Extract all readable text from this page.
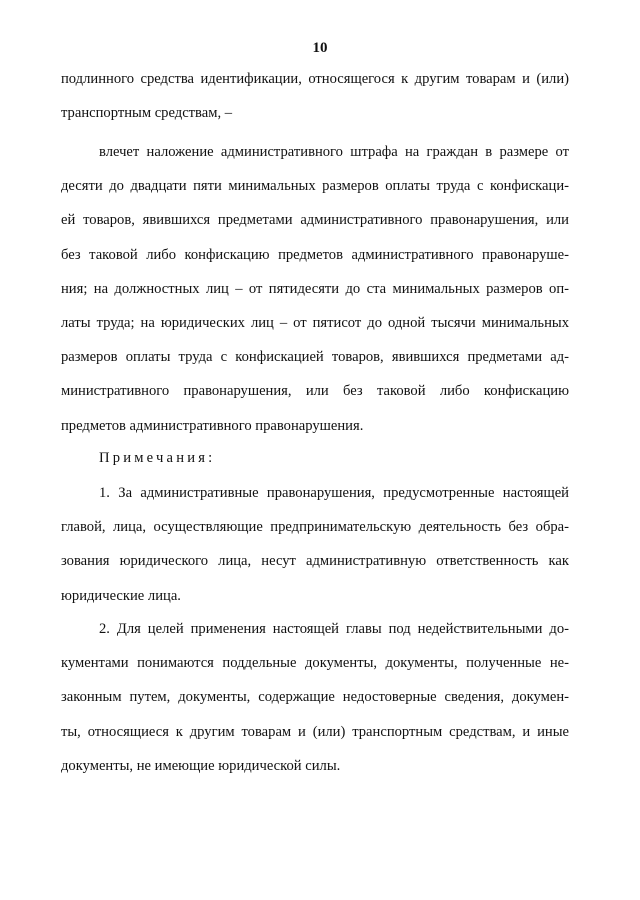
10
подлинного средства идентификации, относящегося к другим товарам и (или)
транспортным средствам, –
влечет наложение административного штрафа на граждан в размере от
десяти до двадцати пяти минимальных размеров оплаты труда с конфискаци-
ей товаров, явившихся предметами административного правонарушения, или
без таковой либо конфискацию предметов административного правонаруше-
ния; на должностных лиц – от пятидесяти до ста минимальных размеров оп-
латы труда; на юридических лиц – от пятисот до одной тысячи минимальных
размеров оплаты труда с конфискацией товаров, явившихся предметами ад-
министративного правонарушения, или без таковой либо конфискацию
предметов административного правонарушения.
Примечания:
1. За административные правонарушения, предусмотренные настоящей
главой, лица, осуществляющие предпринимательскую деятельность без обра-
зования юридического лица, несут административную ответственность как
юридические лица.
2. Для целей применения настоящей главы под недействительными до-
кументами понимаются поддельные документы, документы, полученные не-
законным путем, документы, содержащие недостоверные сведения, докумен-
ты, относящиеся к другим товарам и (или) транспортным средствам, и иные
документы, не имеющие юридической силы.
